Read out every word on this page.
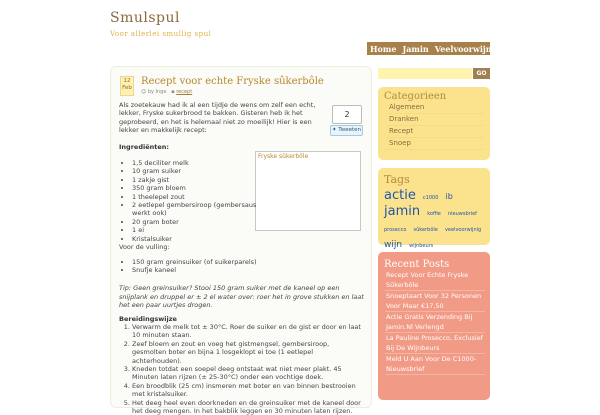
Smulspul
Voor allerlei smullig spul
Home Jamin Veelvoorwijnig
12
Feb
Recept voor echte Fryske sûkerbôle
☺ by Inge ▪ recept
2
✦ Tweeten
Fryske sûkerbôle

Als zoetekauw had ik al een tijdje de wens om zelf een echt, lekker, Fryske sukerbrood te bakken. Gisteren heb ik het geprobeerd, en het is helemaal niet zo moeilijk! Hier is een lekker en makkelijk recept:

Ingrediënten:

• 1,5 deciliter melk
• 10 gram suiker
• 1 zakje gist
• 350 gram bloem
• 1 theelepel zout
• 2 eetlepel gembersiroop (gembersaus werkt ook)
• 20 gram boter
• 1 ei
• Kristalsuiker

Voor de vulling:

• 150 gram greinsuiker (of suikerparels)
• Snufje kaneel

Tip: Geen greinsuiker? Stooi 150 gram suiker met de kaneel op een snijplank en druppel er ± 2 el water over: roer het in grove stukken en laat het een paar uurtjes drogen.

Bereidingswijze

1. Verwarm de melk tot ± 30°C. Roer de suiker en de gist er door en laat 10 minuten staan.
2. Zeef bloem en zout en voeg het gistmengsel, gembersiroop, gesmolten boter en bijna 1 losgeklopt ei toe (1 eetlepel achterhouden).
3. Kneden totdat een soepel deeg ontstaat wat niet meer plakt. 45 Minuten laten rijzen (± 25-30°C) onder een vochtige doek.
4. Een broodblik (25 cm) insmeren met boter en van binnen bestrooien met kristalsuiker.
5. Het deeg heel even doorkneden en de greinsuiker met de kaneel door het deeg mengen. In het bakblik leggen en 30 minuten laten rijzen.
GO
Categorieen
Algemeen
Dranken
Recept
Snoep
Tags
actie c1000 ib jamin koffie nieuwsbrief prosecco sûkerbôle veelvoorwijnig wijn wijnbeurs
Recent Posts
Recept Voor Echte Fryske Sûkerbôle
Snoeptaart Voor 32 Personen Voor Maar €17,50
Actie Gratis Verzending Bij Jamin.Nl Verlengd
La Pauline Prosecco, Exclusief Bij De Wijnbeurs
Meld U Aan Voor De C1000-Nieuwsbrief
